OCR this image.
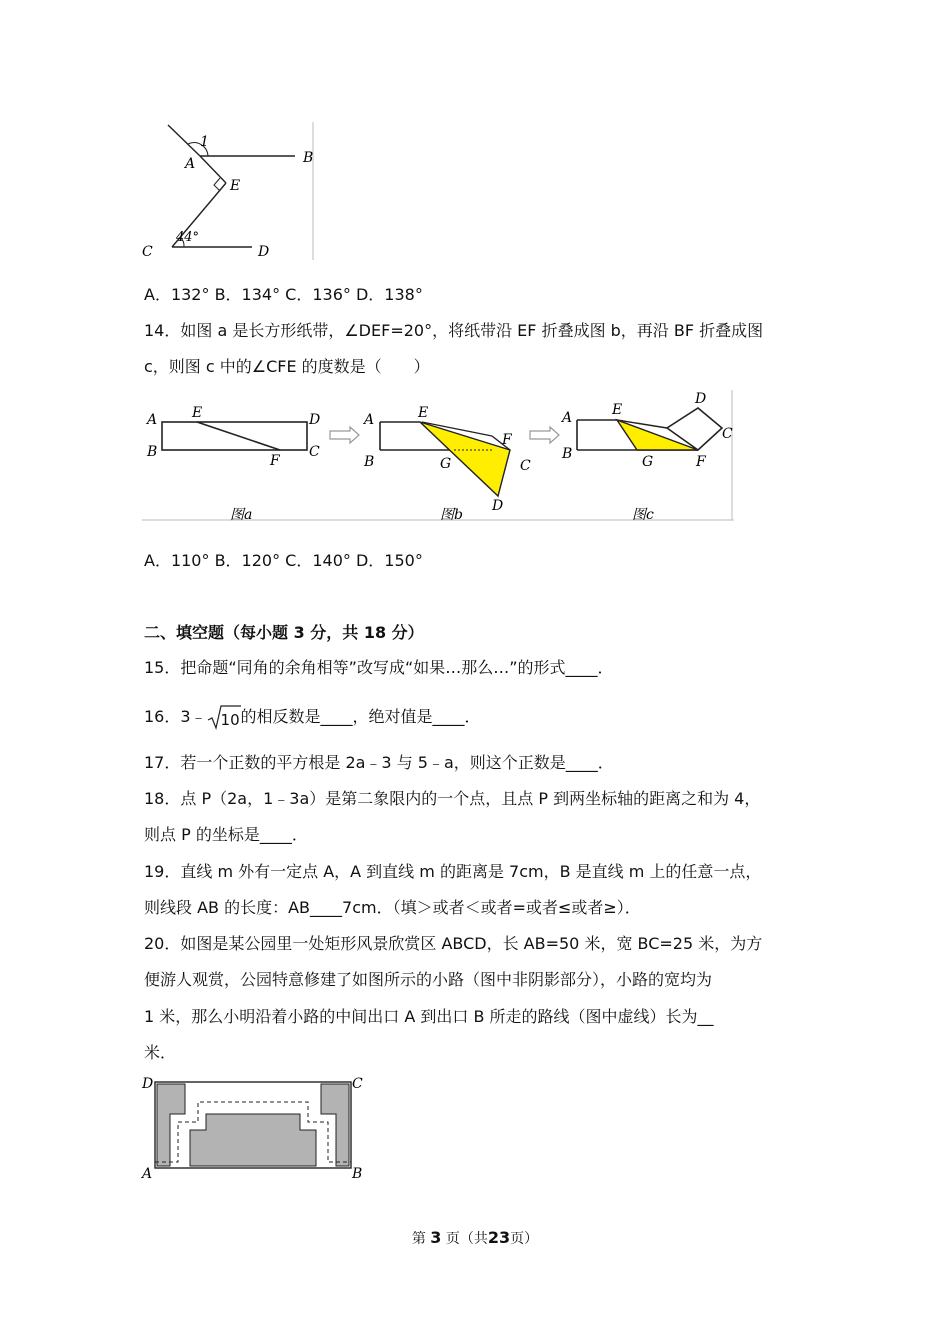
1
A	B
E
C
44°
D
A．132° B．134° C．136° D．138°
14．如图 a 是长方形纸带，∠DEF=20°，将纸带沿 EF 折叠成图 b，再沿 BF 折叠成图
c，则图 c 中的∠CFE 的度数是（　　）
A E	D
B
F
C
图a
A	E
B	G
F
C
D
图b
A	E
D
C
B	G	F
图c
A．110° B．120° C．140° D．150°
二、填空题（每小题 3 分，共 18 分）
15．把命题“同角的余角相等”改写成“如果…那么…”的形式____．
16．3﹣ 10 的相反数是____，绝对值是____．
17．若一个正数的平方根是 2a﹣3 与 5﹣a，则这个正数是____．
18．点 P（2a，1﹣3a）是第二象限内的一个点，且点 P 到两坐标轴的距离之和为 4，
则点 P 的坐标是____．
19．直线 m 外有一定点 A，A 到直线 m 的距离是 7cm，B 是直线 m 上的任意一点，
则线段 AB 的长度：AB____7cm．（填＞或者＜或者=或者≤或者≥）．
20．如图是某公园里一处矩形风景欣赏区 ABCD，长 AB=50 米，宽 BC=25 米，为方
便游人观赏，公园特意修建了如图所示的小路（图中非阴影部分），小路的宽均为
1 米，那么小明沿着小路的中间出口 A 到出口 B 所走的路线（图中虚线）长为__
米．
D	C
A	B
第 3 页（共23页）
